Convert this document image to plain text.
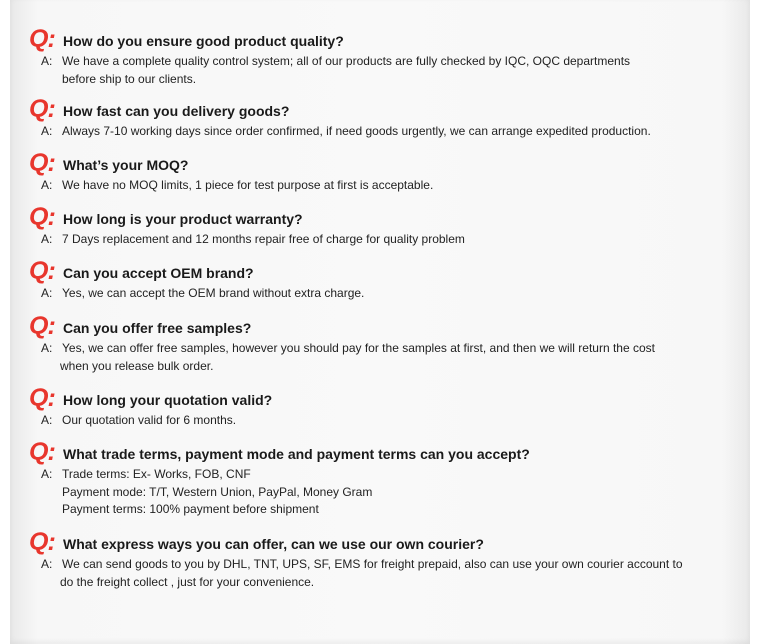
Q: How do you ensure good product quality?
A: We have a complete quality control system; all of our products are fully checked by IQC, OQC departments
before ship to our clients.
Q: How fast can you delivery goods?
A: Always 7-10 working days since order confirmed, if need goods urgently, we can arrange expedited production.
Q: What’s your MOQ?
A: We have no MOQ limits, 1 piece for test purpose at first is acceptable.
Q: How long is your product warranty?
A: 7 Days replacement and 12 months repair free of charge for quality problem
Q: Can you accept OEM brand?
A: Yes, we can accept the OEM brand without extra charge.
Q: Can you offer free samples?
A: Yes, we can offer free samples, however you should pay for the samples at first, and then we will return the cost
when you release bulk order.
Q: How long your quotation valid?
A: Our quotation valid for 6 months.
Q: What trade terms, payment mode and payment terms can you accept?
A: Trade terms: Ex- Works, FOB, CNF
Payment mode: T/T, Western Union, PayPal, Money Gram
Payment terms: 100% payment before shipment
Q: What express ways you can offer, can we use our own courier?
A: We can send goods to you by DHL, TNT, UPS, SF, EMS for freight prepaid, also can use your own courier account to
do the freight collect , just for your convenience.
